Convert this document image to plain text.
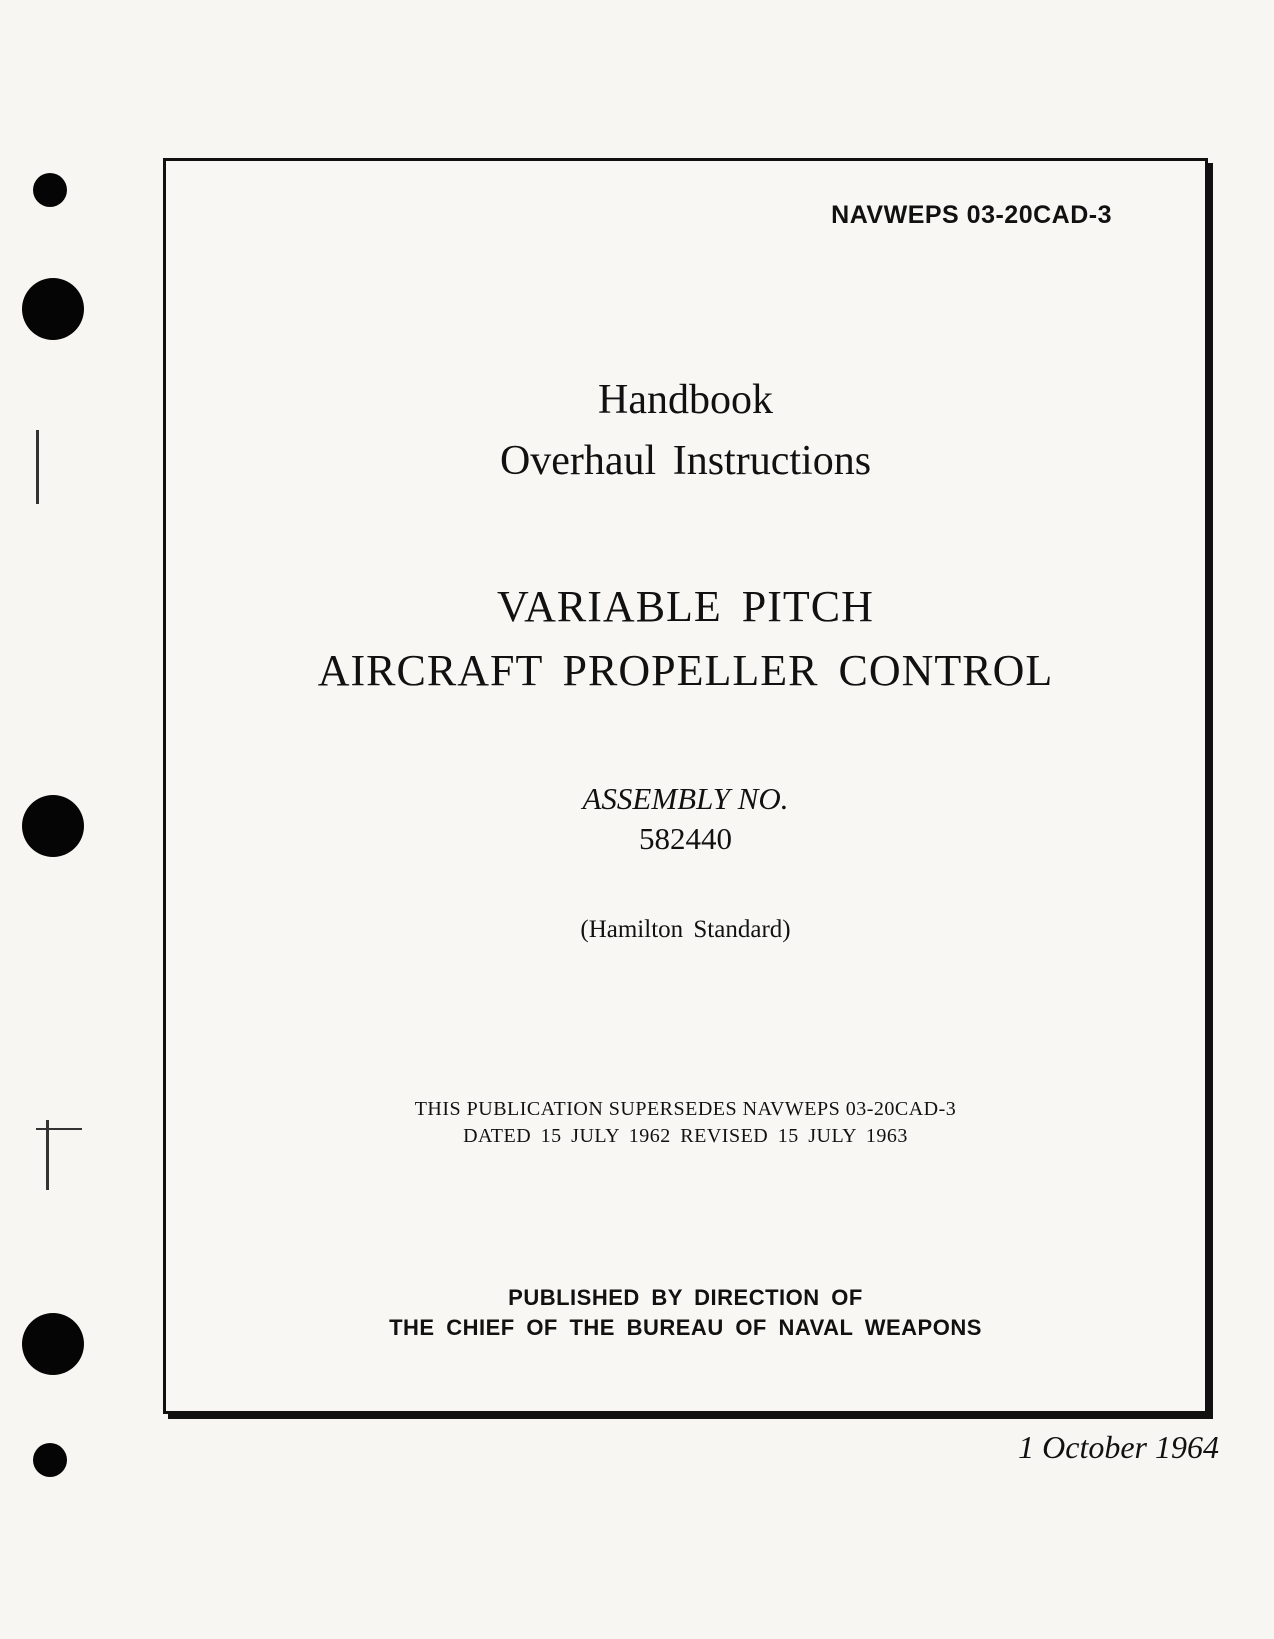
NAVWEPS 03-20CAD-3
Handbook
Overhaul Instructions
VARIABLE PITCH
AIRCRAFT PROPELLER CONTROL
ASSEMBLY NO.
582440
(Hamilton Standard)
THIS PUBLICATION SUPERSEDES NAVWEPS 03-20CAD-3
DATED 15 JULY 1962 REVISED 15 JULY 1963
PUBLISHED BY DIRECTION OF
THE CHIEF OF THE BUREAU OF NAVAL WEAPONS
1 October 1964
